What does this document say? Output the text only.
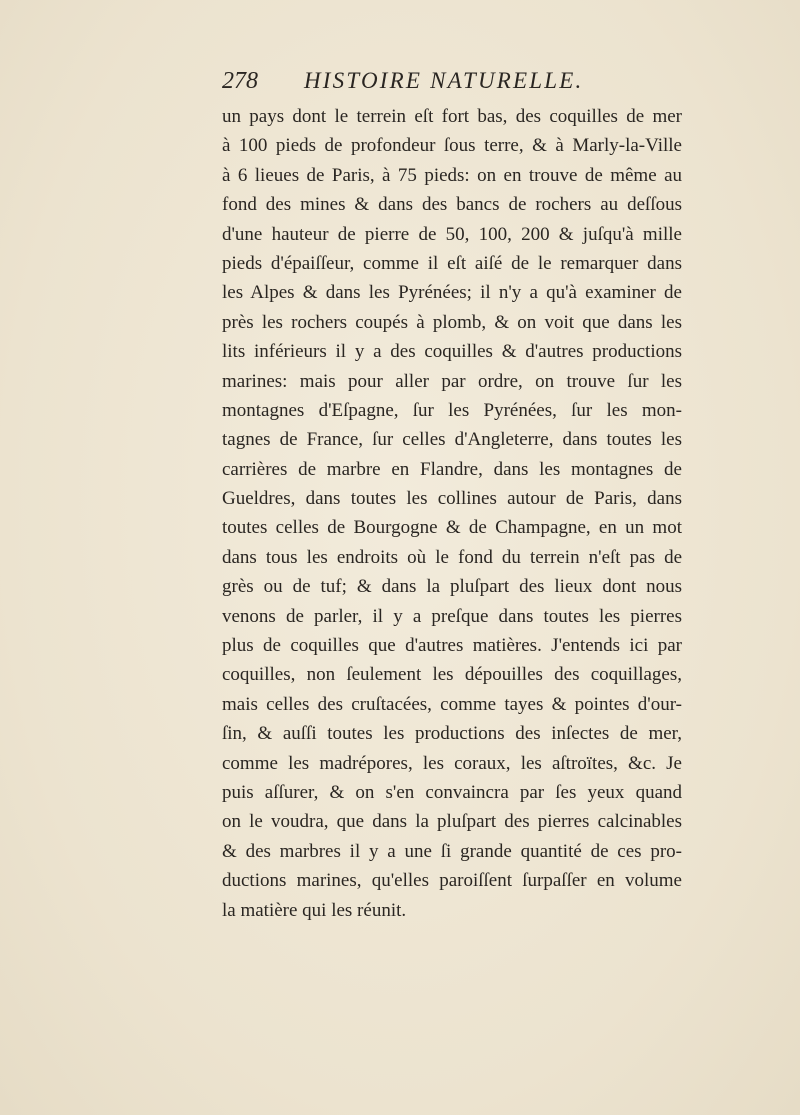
278 HISTOIRE NATURELLE.
un pays dont le terrein eſt fort bas, des coquilles de mer
à 100 pieds de profondeur ſous terre, & à Marly-la-Ville
à 6 lieues de Paris, à 75 pieds: on en trouve de même au
fond des mines & dans des bancs de rochers au deſſous
d'une hauteur de pierre de 50, 100, 200 & juſqu'à mille
pieds d'épaiſſeur, comme il eſt aiſé de le remarquer dans
les Alpes & dans les Pyrénées; il n'y a qu'à examiner de
près les rochers coupés à plomb, & on voit que dans les
lits inférieurs il y a des coquilles & d'autres productions
marines: mais pour aller par ordre, on trouve ſur les
montagnes d'Eſpagne, ſur les Pyrénées, ſur les mon-
tagnes de France, ſur celles d'Angleterre, dans toutes les
carrières de marbre en Flandre, dans les montagnes de
Gueldres, dans toutes les collines autour de Paris, dans
toutes celles de Bourgogne & de Champagne, en un mot
dans tous les endroits où le fond du terrein n'eſt pas de
grès ou de tuf; & dans la pluſpart des lieux dont nous
venons de parler, il y a preſque dans toutes les pierres
plus de coquilles que d'autres matières. J'entends ici par
coquilles, non ſeulement les dépouilles des coquillages,
mais celles des cruſtacées, comme tayes & pointes d'our-
ſin, & auſſi toutes les productions des inſectes de mer,
comme les madrépores, les coraux, les aſtroïtes, &c. Je
puis aſſurer, & on s'en convaincra par ſes yeux quand
on le voudra, que dans la pluſpart des pierres calcinables
& des marbres il y a une ſi grande quantité de ces pro-
ductions marines, qu'elles paroiſſent ſurpaſſer en volume
la matière qui les réunit.
